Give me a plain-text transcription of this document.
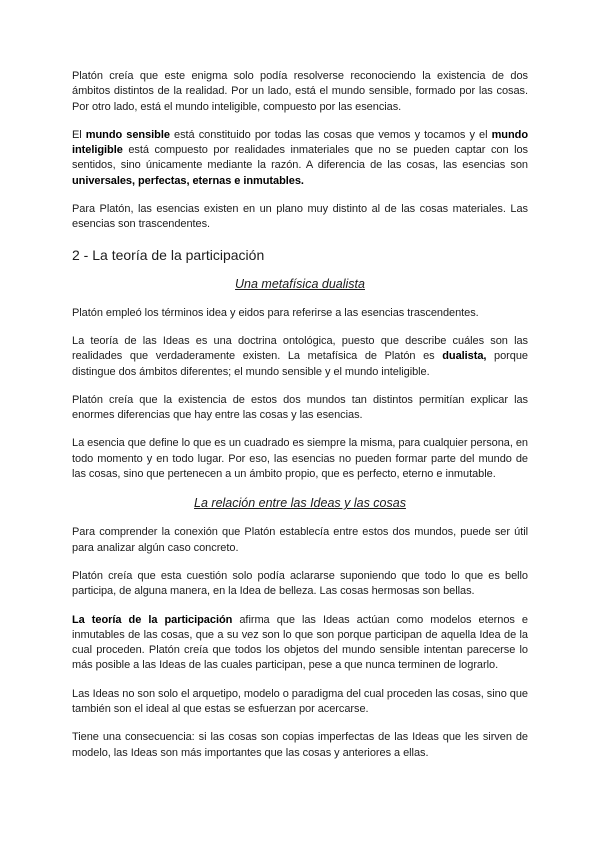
Platón creía que este enigma solo podía resolverse reconociendo la existencia de dos ámbitos distintos de la realidad. Por un lado, está el mundo sensible, formado por las cosas. Por otro lado, está el mundo inteligible, compuesto por las esencias.

El mundo sensible está constituido por todas las cosas que vemos y tocamos y el mundo inteligible está compuesto por realidades inmateriales que no se pueden captar con los sentidos, sino únicamente mediante la razón. A diferencia de las cosas, las esencias son universales, perfectas, eternas e inmutables.

Para Platón, las esencias existen en un plano muy distinto al de las cosas materiales. Las esencias son trascendentes.

2 - La teoría de la participación
Una metafísica dualista

Platón empleó los términos idea y eidos para referirse a las esencias trascendentes.

La teoría de las Ideas es una doctrina ontológica, puesto que describe cuáles son las realidades que verdaderamente existen. La metafísica de Platón es dualista, porque distingue dos ámbitos diferentes; el mundo sensible y el mundo inteligible.

Platón creía que la existencia de estos dos mundos tan distintos permitían explicar las enormes diferencias que hay entre las cosas y las esencias.

La esencia que define lo que es un cuadrado es siempre la misma, para cualquier persona, en todo momento y en todo lugar. Por eso, las esencias no pueden formar parte del mundo de las cosas, sino que pertenecen a un ámbito propio, que es perfecto, eterno e inmutable.

La relación entre las Ideas y las cosas

Para comprender la conexión que Platón establecía entre estos dos mundos, puede ser útil para analizar algún caso concreto.

Platón creía que esta cuestión solo podía aclararse suponiendo que todo lo que es bello participa, de alguna manera, en la Idea de belleza. Las cosas hermosas son bellas.

La teoría de la participación afirma que las Ideas actúan como modelos eternos e inmutables de las cosas, que a su vez son lo que son porque participan de aquella Idea de la cual proceden. Platón creía que todos los objetos del mundo sensible intentan parecerse lo más posible a las Ideas de las cuales participan, pese a que nunca terminen de lograrlo.

Las Ideas no son solo el arquetipo, modelo o paradigma del cual proceden las cosas, sino que también son el ideal al que estas se esfuerzan por acercarse.

Tiene una consecuencia: si las cosas son copias imperfectas de las Ideas que les sirven de modelo, las Ideas son más importantes que las cosas y anteriores a ellas.
